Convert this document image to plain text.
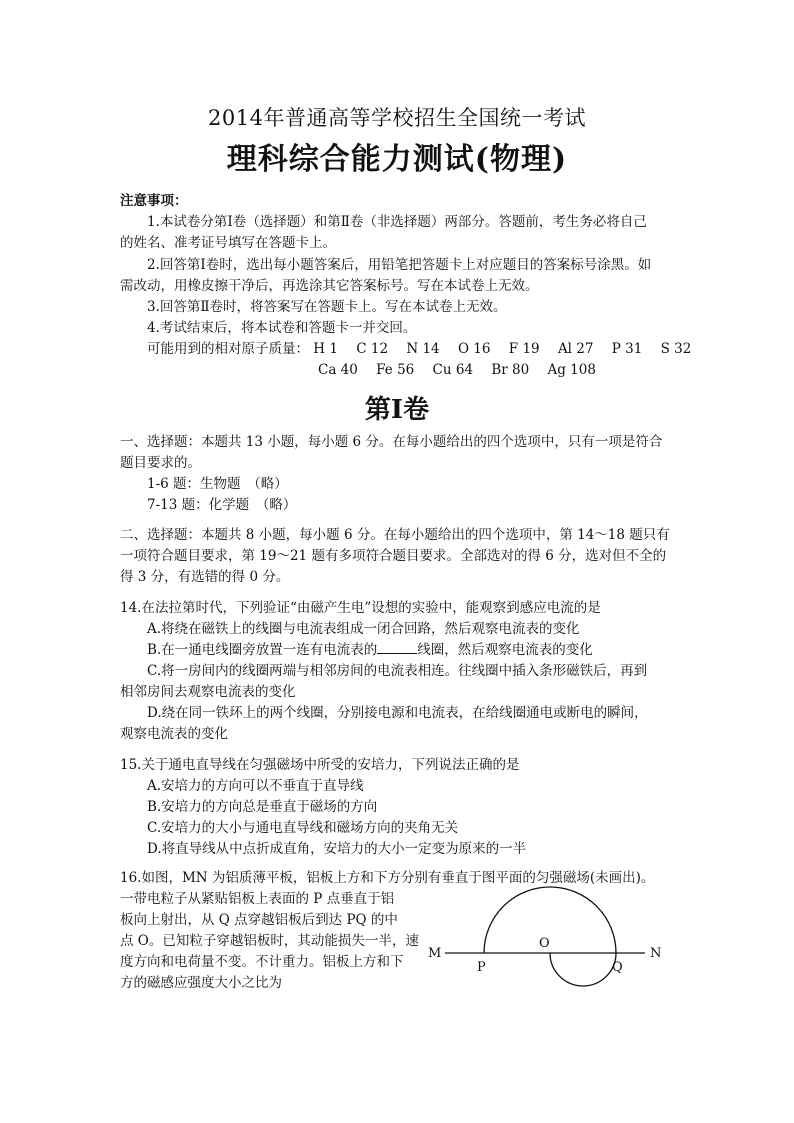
2014年普通高等学校招生全国统一考试
理科综合能力测试(物理)
注意事项：
1.本试卷分第Ⅰ卷（选择题）和第Ⅱ卷（非选择题）两部分。答题前，考生务必将自己
的姓名、准考证号填写在答题卡上。
2.回答第Ⅰ卷时，选出每小题答案后，用铅笔把答题卡上对应题目的答案标号涂黑。如
需改动，用橡皮擦干净后，再选涂其它答案标号。写在本试卷上无效。
3.回答第Ⅱ卷时，将答案写在答题卡上。写在本试卷上无效。
4.考试结束后，将本试卷和答题卡一并交回。
可能用到的相对原子质量： H 1 C 12 N 14 O 16 F 19 Al 27 P 31 S 32
Ca 40 Fe 56 Cu 64 Br 80 Ag 108
第Ⅰ卷
一、选择题：本题共 13 小题，每小题 6 分。在每小题给出的四个选项中，只有一项是符合
题目要求的。
1-6 题：生物题　（略）
7-13 题：化学题　（略）
二、选择题：本题共 8 小题，每小题 6 分。在每小题给出的四个选项中，第 14～18 题只有
一项符合题目要求，第 19～21 题有多项符合题目要求。全部选对的得 6 分，选对但不全的
得 3 分，有选错的得 0 分。
14.在法拉第时代，下列验证“由磁产生电”设想的实验中，能观察到感应电流的是
A.将绕在磁铁上的线圈与电流表组成一闭合回路，然后观察电流表的变化
B.在一通电线圈旁放置一连有电流表的	线圈，然后观察电流表的变化
C.将一房间内的线圈两端与相邻房间的电流表相连。往线圈中插入条形磁铁后，再到
相邻房间去观察电流表的变化
D.绕在同一铁环上的两个线圈，分别接电源和电流表，在给线圈通电或断电的瞬间，
观察电流表的变化
15.关于通电直导线在匀强磁场中所受的安培力，下列说法正确的是
A.安培力的方向可以不垂直于直导线
B.安培力的方向总是垂直于磁场的方向
C.安培力的大小与通电直导线和磁场方向的夹角无关
D.将直导线从中点折成直角，安培力的大小一定变为原来的一半
16.如图，MN 为铝质薄平板，铝板上方和下方分别有垂直于图平面的匀强磁场(未画出)。
一带电粒子从紧贴铝板上表面的 P 点垂直于铝
板向上射出，从 Q 点穿越铝板后到达 PQ 的中
点 O。已知粒子穿越铝板时，其动能损失一半，速
度方向和电荷量不变。不计重力。铝板上方和下
方的磁感应强度大小之比为
M	N
P	Q
O
